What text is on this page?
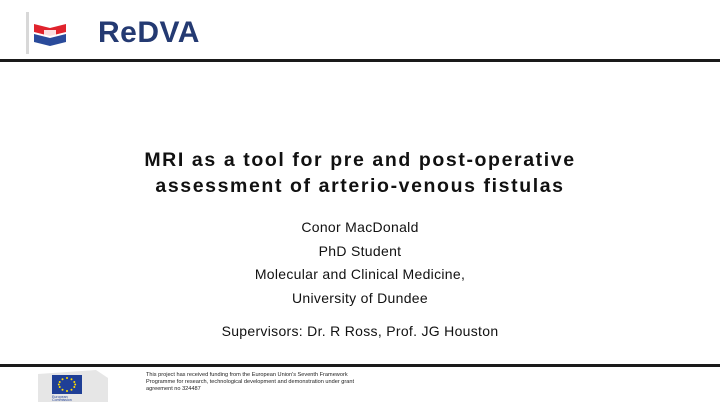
ReDVA
MRI as a tool for pre and post-operative
assessment of arterio-venous fistulas
Conor MacDonald
PhD Student
Molecular and Clinical Medicine,
University of Dundee
Supervisors: Dr. R Ross, Prof. JG Houston
European
Commission
This project has received funding from the European Union's Seventh Framework
Programme for research, technological development and demonstration under grant
agreement no 324487
